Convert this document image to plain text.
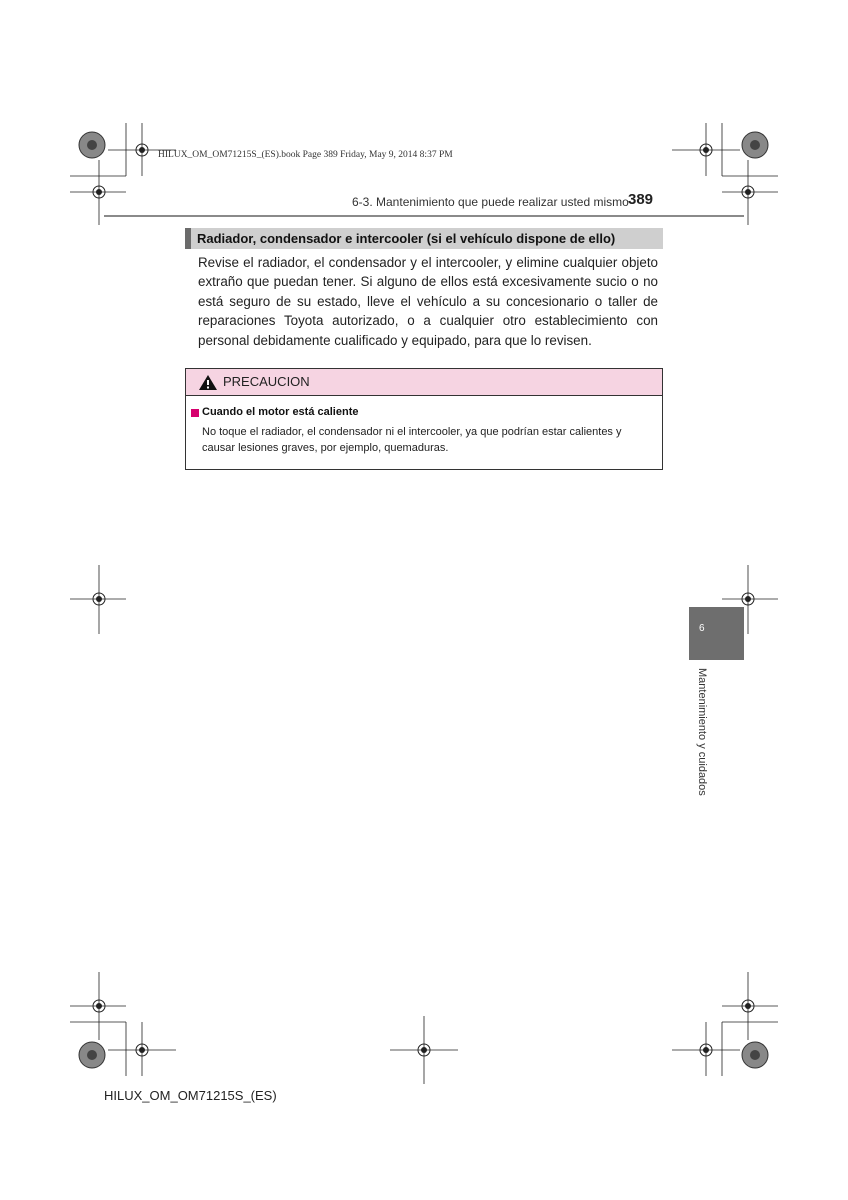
HILUX_OM_OM71215S_(ES).book Page 389 Friday, May 9, 2014 8:37 PM
6-3. Mantenimiento que puede realizar usted mismo 389
Radiador, condensador e intercooler (si el vehículo dispone de ello)
Revise el radiador, el condensador y el intercooler, y elimine cualquier objeto extraño que puedan tener. Si alguno de ellos está excesivamente sucio o no está seguro de su estado, lleve el vehículo a su concesionario o taller de reparaciones Toyota autorizado, o a cualquier otro establecimiento con personal debidamente cualificado y equipado, para que lo revisen.
PRECAUCION
Cuando el motor está caliente
No toque el radiador, el condensador ni el intercooler, ya que podrían estar calientes y causar lesiones graves, por ejemplo, quemaduras.
6
Mantenimiento y cuidados
HILUX_OM_OM71215S_(ES)
